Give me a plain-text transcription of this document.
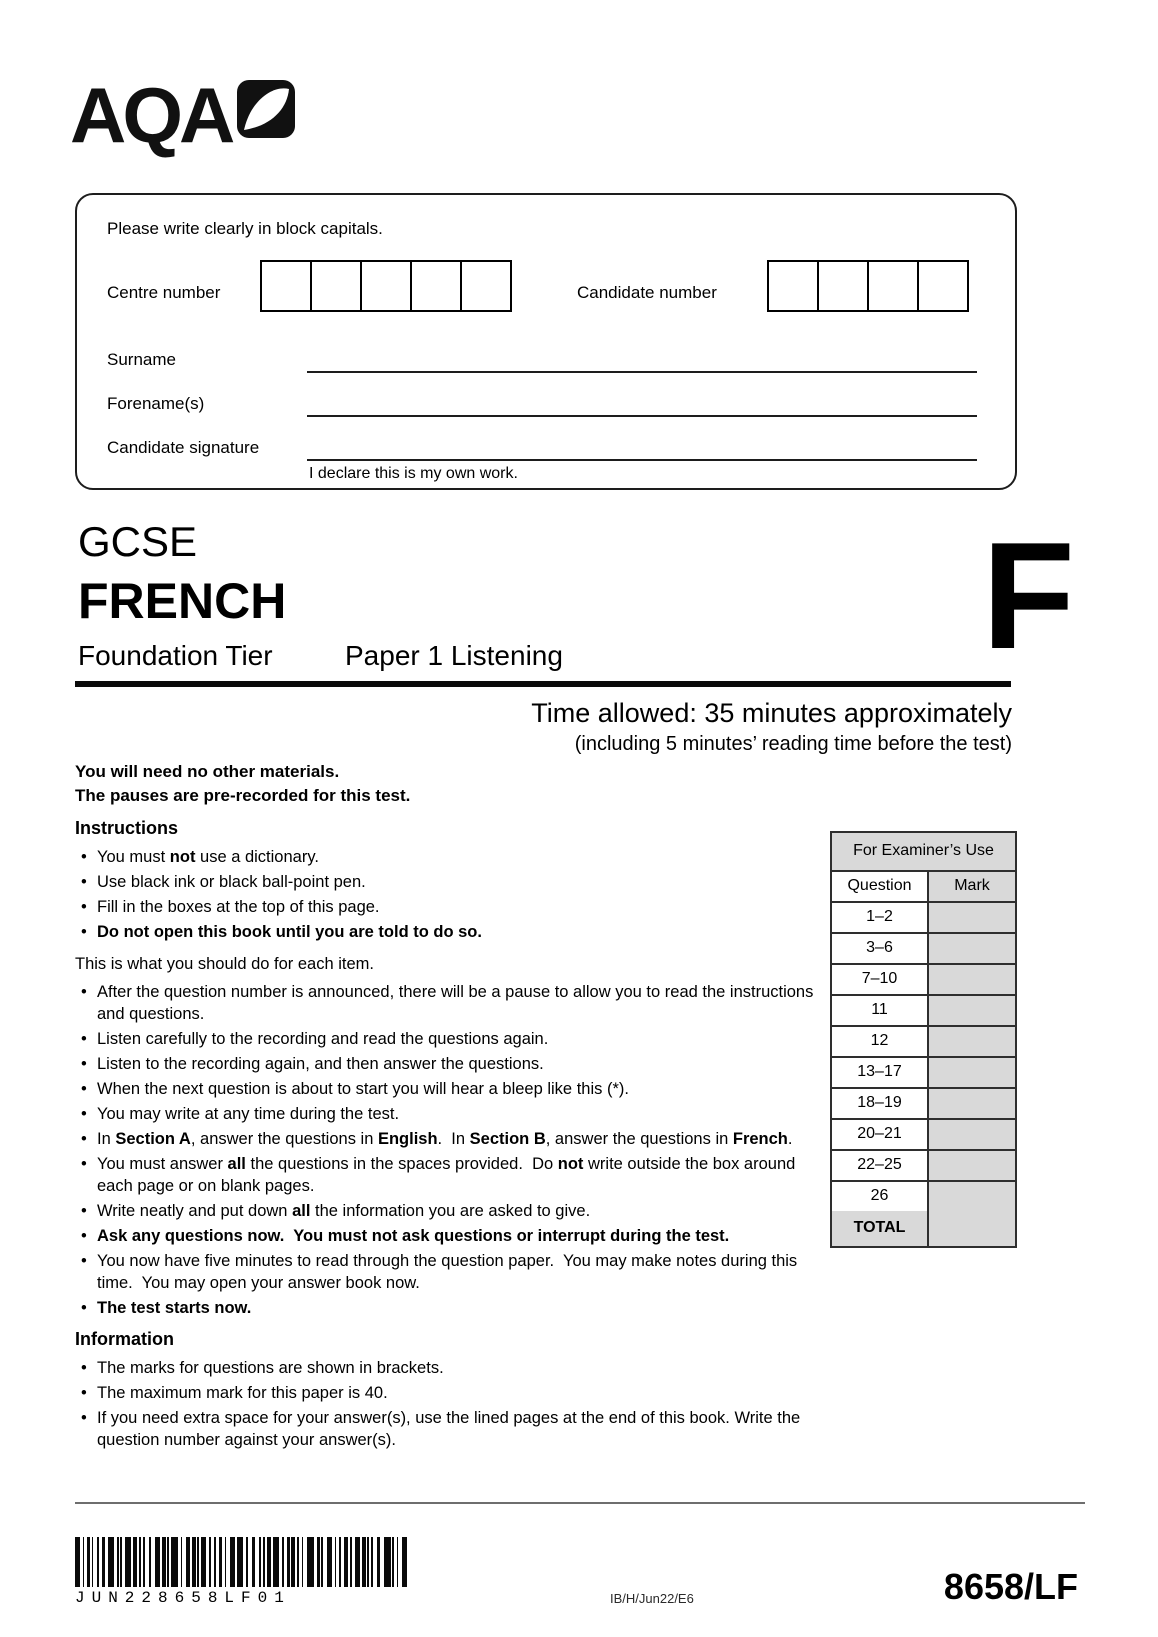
AQA
Please write clearly in block capitals.
Centre number	Candidate number
Surname
Forename(s)
Candidate signature
I declare this is my own work.
GCSE
FRENCH
Foundation Tier	Paper 1 Listening	F
Time allowed: 35 minutes approximately
(including 5 minutes’ reading time before the test)
You will need no other materials.
The pauses are pre-recorded for this test.
Instructions
• You must not use a dictionary.
• Use black ink or black ball-point pen.
• Fill in the boxes at the top of this page.
• Do not open this book until you are told to do so.
This is what you should do for each item.
• After the question number is announced, there will be a pause to allow you to read the instructions and questions.
• Listen carefully to the recording and read the questions again.
• Listen to the recording again, and then answer the questions.
• When the next question is about to start you will hear a bleep like this (*).
• You may write at any time during the test.
• In Section A, answer the questions in English.  In Section B, answer the questions in French.
• You must answer all the questions in the spaces provided.  Do not write outside the box around each page or on blank pages.
• Write neatly and put down all the information you are asked to give.
• Ask any questions now.  You must not ask questions or interrupt during the test.
• You now have five minutes to read through the question paper.  You may make notes during this time.  You may open your answer book now.
• The test starts now.
Information
• The marks for questions are shown in brackets.
• The maximum mark for this paper is 40.
• If you need extra space for your answer(s), use the lined pages at the end of this book. Write the question number against your answer(s).
For Examiner’s Use
Question	Mark
1–2
3–6
7–10
11
12
13–17
18–19
20–21
22–25
26
TOTAL
JUN228658LF01	IB/H/Jun22/E6	8658/LF
